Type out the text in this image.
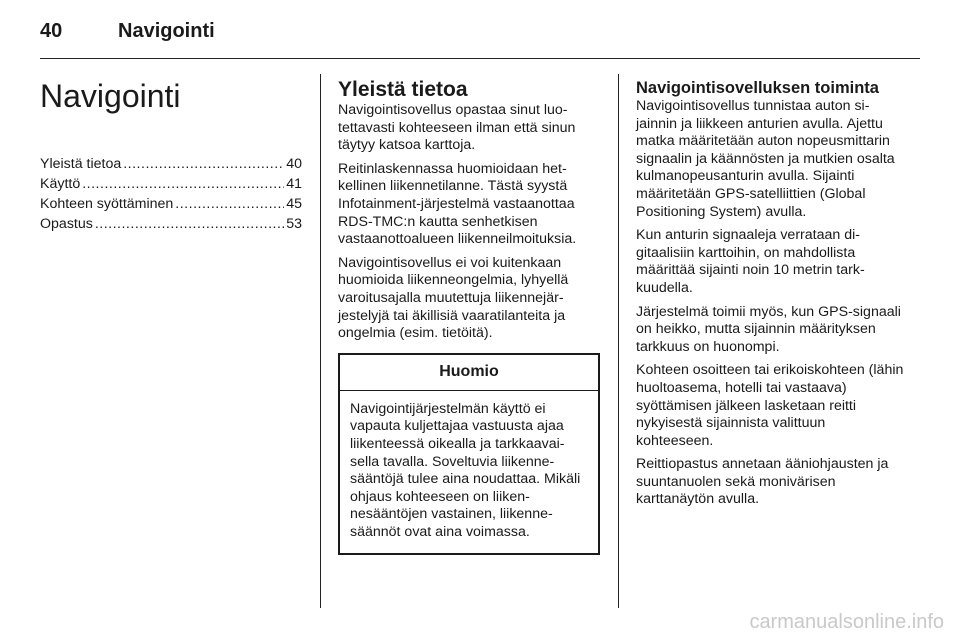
40	Navigointi
Navigointi
Yleistä tietoa .....	40
Käyttö .....	41
Kohteen syöttäminen .....	45
Opastus .....	53
Yleistä tietoa

Navigointisovellus opastaa sinut luotettavasti kohteeseen ilman että sinun täytyy katsoa karttoja.

Reitinlaskennassa huomioidaan hetkellinen liikennetilanne. Tästä syystä Infotainment-järjestelmä vastaanottaa RDS-TMC:n kautta senhetkisen vastaanottoalueen liikenneilmoituksia.

Navigointisovellus ei voi kuitenkaan huomioida liikenneongelmia, lyhyellä varoitusajalla muutettuja liikennejärjestelyjä tai äkillisiä vaaratilanteita ja ongelmia (esim. tietöitä).

Huomio

Navigointijärjestelmän käyttö ei vapauta kuljettajaa vastuusta ajaa liikenteessä oikealla ja tarkkaavaisella tavalla. Soveltuvia liikennesääntöjä tulee aina noudattaa. Mikäli ohjaus kohteeseen on liikennesääntöjen vastainen, liikennesäännöt ovat aina voimassa.

Navigointisovelluksen toiminta

Navigointisovellus tunnistaa auton sijainnin ja liikkeen anturien avulla. Ajettu matka määritetään auton nopeusmittarin signaalin ja käännösten ja mutkien osalta kulmanopeusanturin avulla. Sijainti määritetään GPS-satelliittien (Global Positioning System) avulla.

Kun anturin signaaleja verrataan digitaalisiin karttoihin, on mahdollista määrittää sijainti noin 10 metrin tarkkuudella.

Järjestelmä toimii myös, kun GPS-signaali on heikko, mutta sijainnin määrityksen tarkkuus on huonompi.

Kohteen osoitteen tai erikoiskohteen (lähin huoltoasema, hotelli tai vastaava) syöttämisen jälkeen lasketaan reitti nykyisestä sijainnista valittuun kohteeseen.

Reittiopastus annetaan ääniohjausten ja suuntanuolen sekä monivärisen karttanäytön avulla.

carmanualsonline.info
